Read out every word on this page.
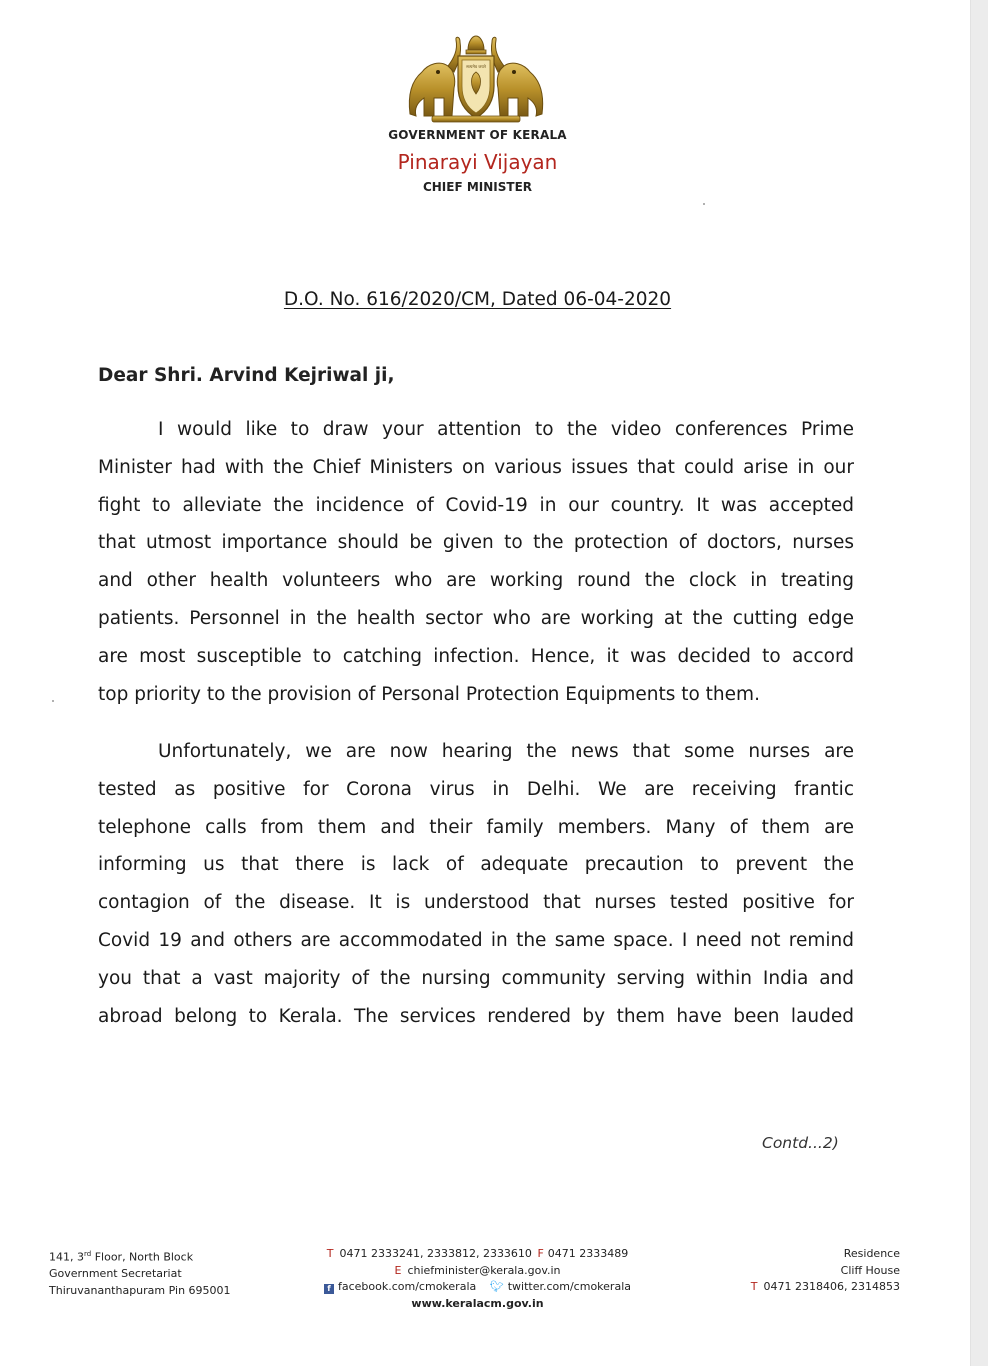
सत्यमेव जयते
GOVERNMENT OF KERALA
Pinarayi Vijayan
CHIEF MINISTER
D.O. No. 616/2020/CM, Dated 06-04-2020
Dear Shri. Arvind Kejriwal ji,
I would like to draw your attention to the video conferences Prime
Minister had with the Chief Ministers on various issues that could arise in our
fight to alleviate the incidence of Covid-19 in our country. It was accepted
that utmost importance should be given to the protection of doctors, nurses
and other health volunteers who are working round the clock in treating
patients. Personnel in the health sector who are working at the cutting edge
are most susceptible to catching infection. Hence, it was decided to accord
top priority to the provision of Personal Protection Equipments to them.
Unfortunately, we are now hearing the news that some nurses are
tested as positive for Corona virus in Delhi. We are receiving frantic
telephone calls from them and their family members. Many of them are
informing us that there is lack of adequate precaution to prevent the
contagion of the disease. It is understood that nurses tested positive for
Covid 19 and others are accommodated in the same space. I need not remind
you that a vast majority of the nursing community serving within India and
abroad belong to Kerala. The services rendered by them have been lauded
Contd...2)
141, 3rd Floor, North Block
Government Secretariat
Thiruvananthapuram Pin 695001
T 0471 2333241, 2333812, 2333610 F 0471 2333489
E chiefminister@kerala.gov.in
f facebook.com/cmokerala 🐦︎ twitter.com/cmokerala
www.keralacm.gov.in
Residence
Cliff House
T 0471 2318406, 2314853
